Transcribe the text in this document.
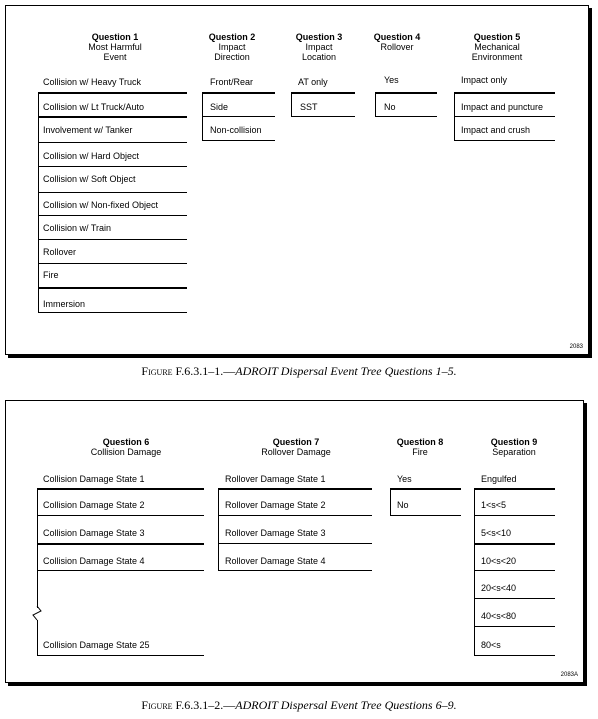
Question 1
Most Harmful
Event
Collision w/ Heavy Truck
Collision w/ Lt Truck/Auto
Involvement w/ Tanker
Collision w/ Hard Object
Collision w/ Soft Object
Collision w/ Non-fixed Object
Collision w/ Train
Rollover
Fire
Immersion
Question 2
Impact
Direction
Front/Rear
Side
Non-collision
Question 3
Impact
Location
AT only
SST
Question 4
Rollover
Yes
No
Question 5
Mechanical
Environment
Impact only
Impact and puncture
Impact and crush
2083
Figure F.6.3.1–1.—ADROIT Dispersal Event Tree Questions 1–5.
Question 6
Collision Damage
Collision Damage State 1
Collision Damage State 2
Collision Damage State 3
Collision Damage State 4
Collision Damage State 25
Question 7
Rollover Damage
Rollover Damage State 1
Rollover Damage State 2
Rollover Damage State 3
Rollover Damage State 4
Question 8
Fire
Yes
No
Question 9
Separation
Engulfed
1<s<5
5<s<10
10<s<20
20<s<40
40<s<80
80<s
2083A
Figure F.6.3.1–2.—ADROIT Dispersal Event Tree Questions 6–9.
